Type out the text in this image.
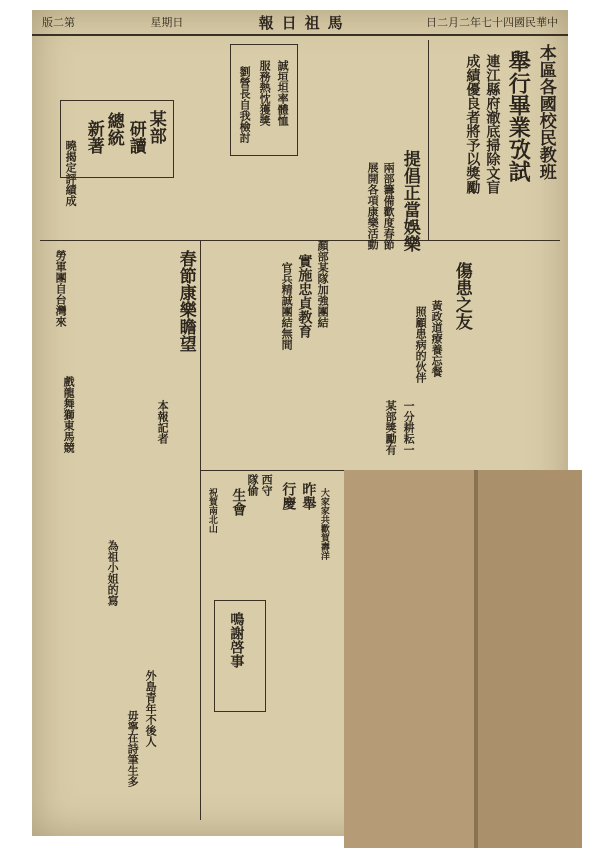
版二第	星期日	報日祖馬	日二月二年七十四國民華中
本區各國校民教班
舉行畢業攷試
連江縣府澈底掃除文盲
成績優良者將予以獎勵
提倡正當娛樂
兩部籌備歡度春節
展開各項康樂活動
某部
研讀
總統
新著
曉揭定評績成
誠垣坦率體恤
服務熱忱獲獎
劉營長自我檢討
顏部某隊加強團結
實施忠貞教育
官兵精誠團結無間
春節康樂瞻望
本報記者
勞軍團自台灣來
戲龍舞獅東馬競
傷患之友
黃政道療養忘餐
照顧患病的伙伴
一分耕耘一
某部獎勵有
西守
隊偷	昨舉
行慶
生會	大家家共歡賀壽洋
祝賀南北山
為祖小姐的寫
外島青年不後人
毋寧在詩筆生多
鳴謝啓事
